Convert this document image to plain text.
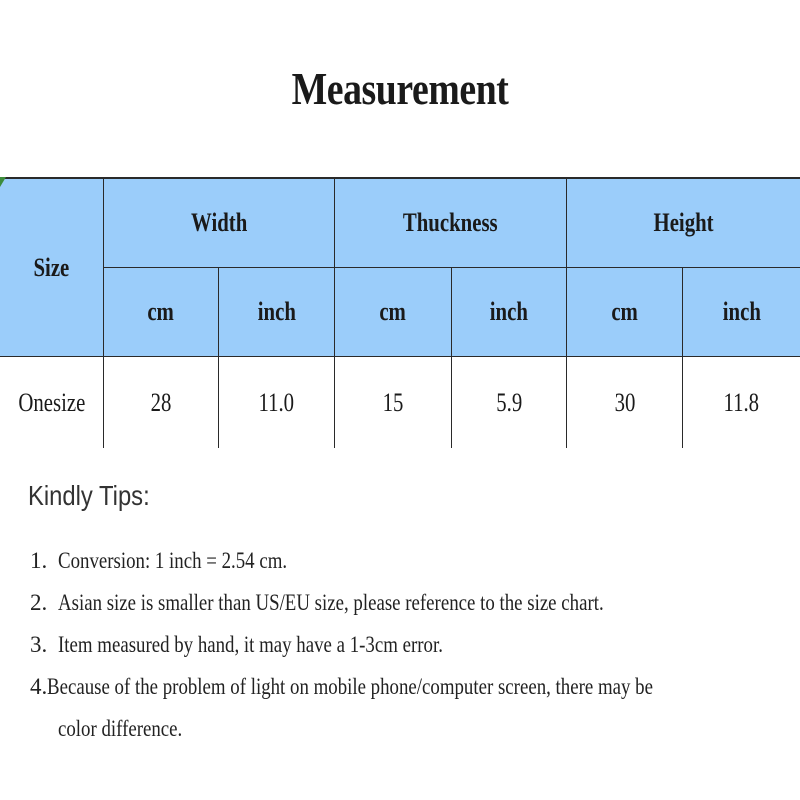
Measurement
Size
Width	Thuckness	Height
cm	inch	cm	inch	cm	inch
Onesize	28	11.0	15	5.9	30	11.8
Kindly Tips:
1. Conversion: 1 inch = 2.54 cm.
2. Asian size is smaller than US/EU size, please reference to the size chart.
3. Item measured by hand, it may have a 1-3cm error.
4. Because of the problem of light on mobile phone/computer screen, there may be
color difference.
